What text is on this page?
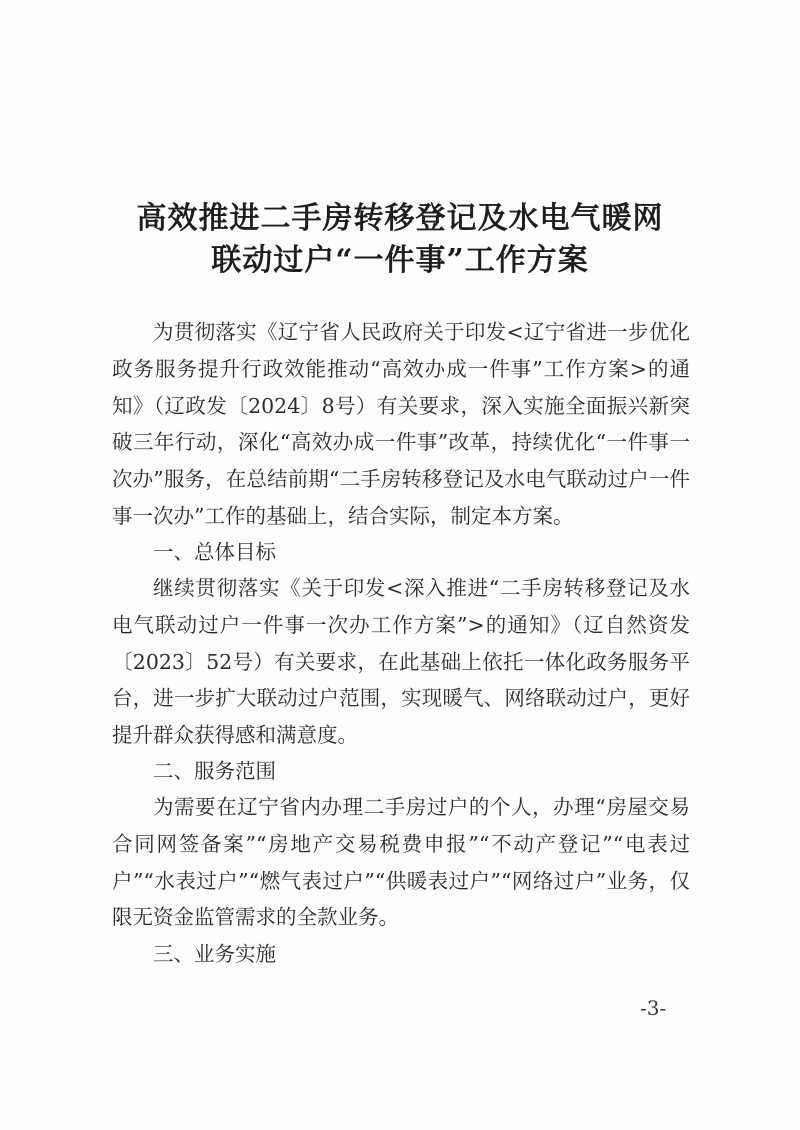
高效推进二手房转移登记及水电气暖网
联动过户“一件事”工作方案

为贯彻落实《辽宁省人民政府关于印发<辽宁省进一步优化政务服务提升行政效能推动“高效办成一件事”工作方案>的通知》（辽政发〔2024〕8号）有关要求，深入实施全面振兴新突破三年行动，深化“高效办成一件事”改革，持续优化“一件事一次办”服务，在总结前期“二手房转移登记及水电气联动过户一件事一次办”工作的基础上，结合实际，制定本方案。

一、总体目标

继续贯彻落实《关于印发<深入推进“二手房转移登记及水电气联动过户一件事一次办工作方案”>的通知》（辽自然资发〔2023〕52号）有关要求，在此基础上依托一体化政务服务平台，进一步扩大联动过户范围，实现暖气、网络联动过户，更好提升群众获得感和满意度。

二、服务范围

为需要在辽宁省内办理二手房过户的个人，办理“房屋交易合同网签备案”“房地产交易税费申报”“不动产登记”“电表过户”“水表过户”“燃气表过户”“供暖表过户”“网络过户”业务，仅限无资金监管需求的全款业务。

三、业务实施

-3-
